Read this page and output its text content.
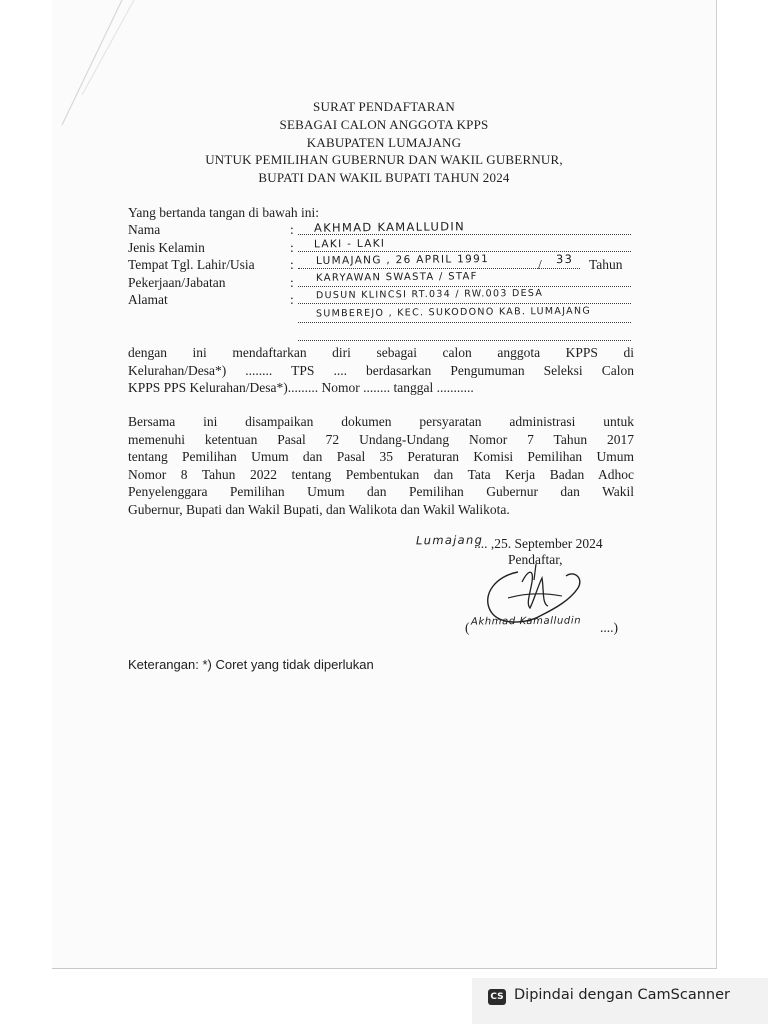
SURAT PENDAFTARAN
SEBAGAI CALON ANGGOTA KPPS
KABUPATEN LUMAJANG
UNTUK PEMILIHAN GUBERNUR DAN WAKIL GUBERNUR,
BUPATI DAN WAKIL BUPATI TAHUN 2024
Yang bertanda tangan di bawah ini:
Nama	: AKHMAD KAMALLUDIN
Jenis Kelamin	: LAKI - LAKI
Tempat Tgl. Lahir/Usia	: LUMAJANG , 26 APRIL 1991	/ 33 Tahun
Pekerjaan/Jabatan	: KARYAWAN SWASTA / STAF
Alamat	: DUSUN KLINCSI RT.034 / RW.003 DESA
SUMBEREJO , KEC. SUKODONO KAB. LUMAJANG
dengan ini mendaftarkan diri sebagai calon anggota KPPS di
Kelurahan/Desa*) ........ TPS .... berdasarkan Pengumuman Seleksi Calon
KPPS PPS Kelurahan/Desa*)......... Nomor ........ tanggal ...........
Bersama ini disampaikan dokumen persyaratan administrasi untuk
memenuhi ketentuan Pasal 72 Undang-Undang Nomor 7 Tahun 2017
tentang Pemilihan Umum dan Pasal 35 Peraturan Komisi Pemilihan Umum
Nomor 8 Tahun 2022 tentang Pembentukan dan Tata Kerja Badan Adhoc
Penyelenggara Pemilihan Umum dan Pemilihan Gubernur dan Wakil
Gubernur, Bupati dan Wakil Bupati, dan Walikota dan Wakil Walikota.
Lumajang
.... ,25. September 2024
Pendaftar,
( Akhmad Kamalludin ....)
Keterangan: *) Coret yang tidak diperlukan
CS Dipindai dengan CamScanner
